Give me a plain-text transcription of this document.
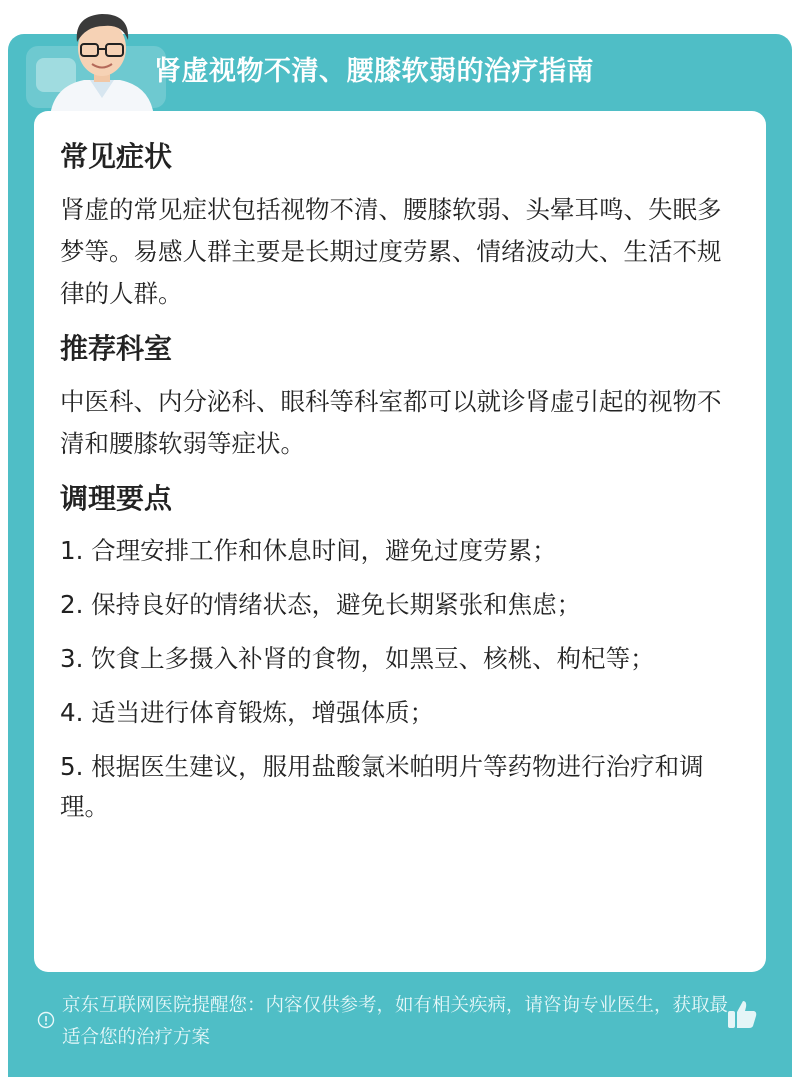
肾虚视物不清、腰膝软弱的治疗指南
常见症状
肾虚的常见症状包括视物不清、腰膝软弱、头晕耳鸣、失眠多梦等。易感人群主要是长期过度劳累、情绪波动大、生活不规律的人群。
推荐科室
中医科、内分泌科、眼科等科室都可以就诊肾虚引起的视物不清和腰膝软弱等症状。
调理要点
1. 合理安排工作和休息时间，避免过度劳累；
2. 保持良好的情绪状态，避免长期紧张和焦虑；
3. 饮食上多摄入补肾的食物，如黑豆、核桃、枸杞等；
4. 适当进行体育锻炼，增强体质；
5. 根据医生建议，服用盐酸氯米帕明片等药物进行治疗和调理。
京东互联网医院提醒您：内容仅供参考，如有相关疾病，请咨询专业医生，获取最适合您的治疗方案
